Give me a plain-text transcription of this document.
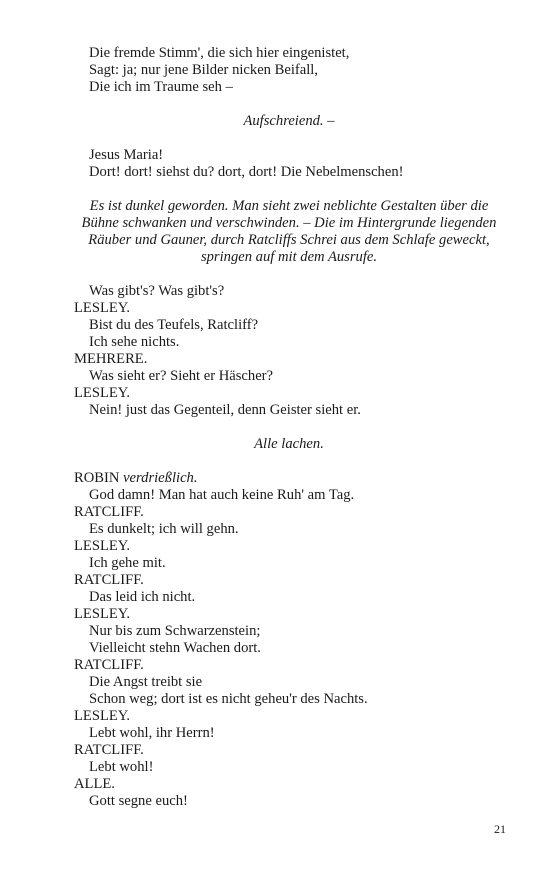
Die fremde Stimm', die sich hier eingenistet,
Sagt: ja; nur jene Bilder nicken Beifall,
Die ich im Traume seh –
Aufschreiend. –
Jesus Maria!
Dort! dort! siehst du? dort, dort! Die Nebelmenschen!
Es ist dunkel geworden. Man sieht zwei neblichte Gestalten über die
Bühne schwanken und verschwinden. – Die im Hintergrunde liegenden
Räuber und Gauner, durch Ratcliffs Schrei aus dem Schlafe geweckt,
springen auf mit dem Ausrufe.
Was gibt's? Was gibt's?
LESLEY.
Bist du des Teufels, Ratcliff?
Ich sehe nichts.
MEHRERE.
Was sieht er? Sieht er Häscher?
LESLEY.
Nein! just das Gegenteil, denn Geister sieht er.
Alle lachen.
ROBIN verdrießlich.
God damn! Man hat auch keine Ruh' am Tag.
RATCLIFF.
Es dunkelt; ich will gehn.
LESLEY.
Ich gehe mit.
RATCLIFF.
Das leid ich nicht.
LESLEY.
Nur bis zum Schwarzenstein;
Vielleicht stehn Wachen dort.
RATCLIFF.
Die Angst treibt sie
Schon weg; dort ist es nicht geheu'r des Nachts.
LESLEY.
Lebt wohl, ihr Herrn!
RATCLIFF.
Lebt wohl!
ALLE.
Gott segne euch!
21
